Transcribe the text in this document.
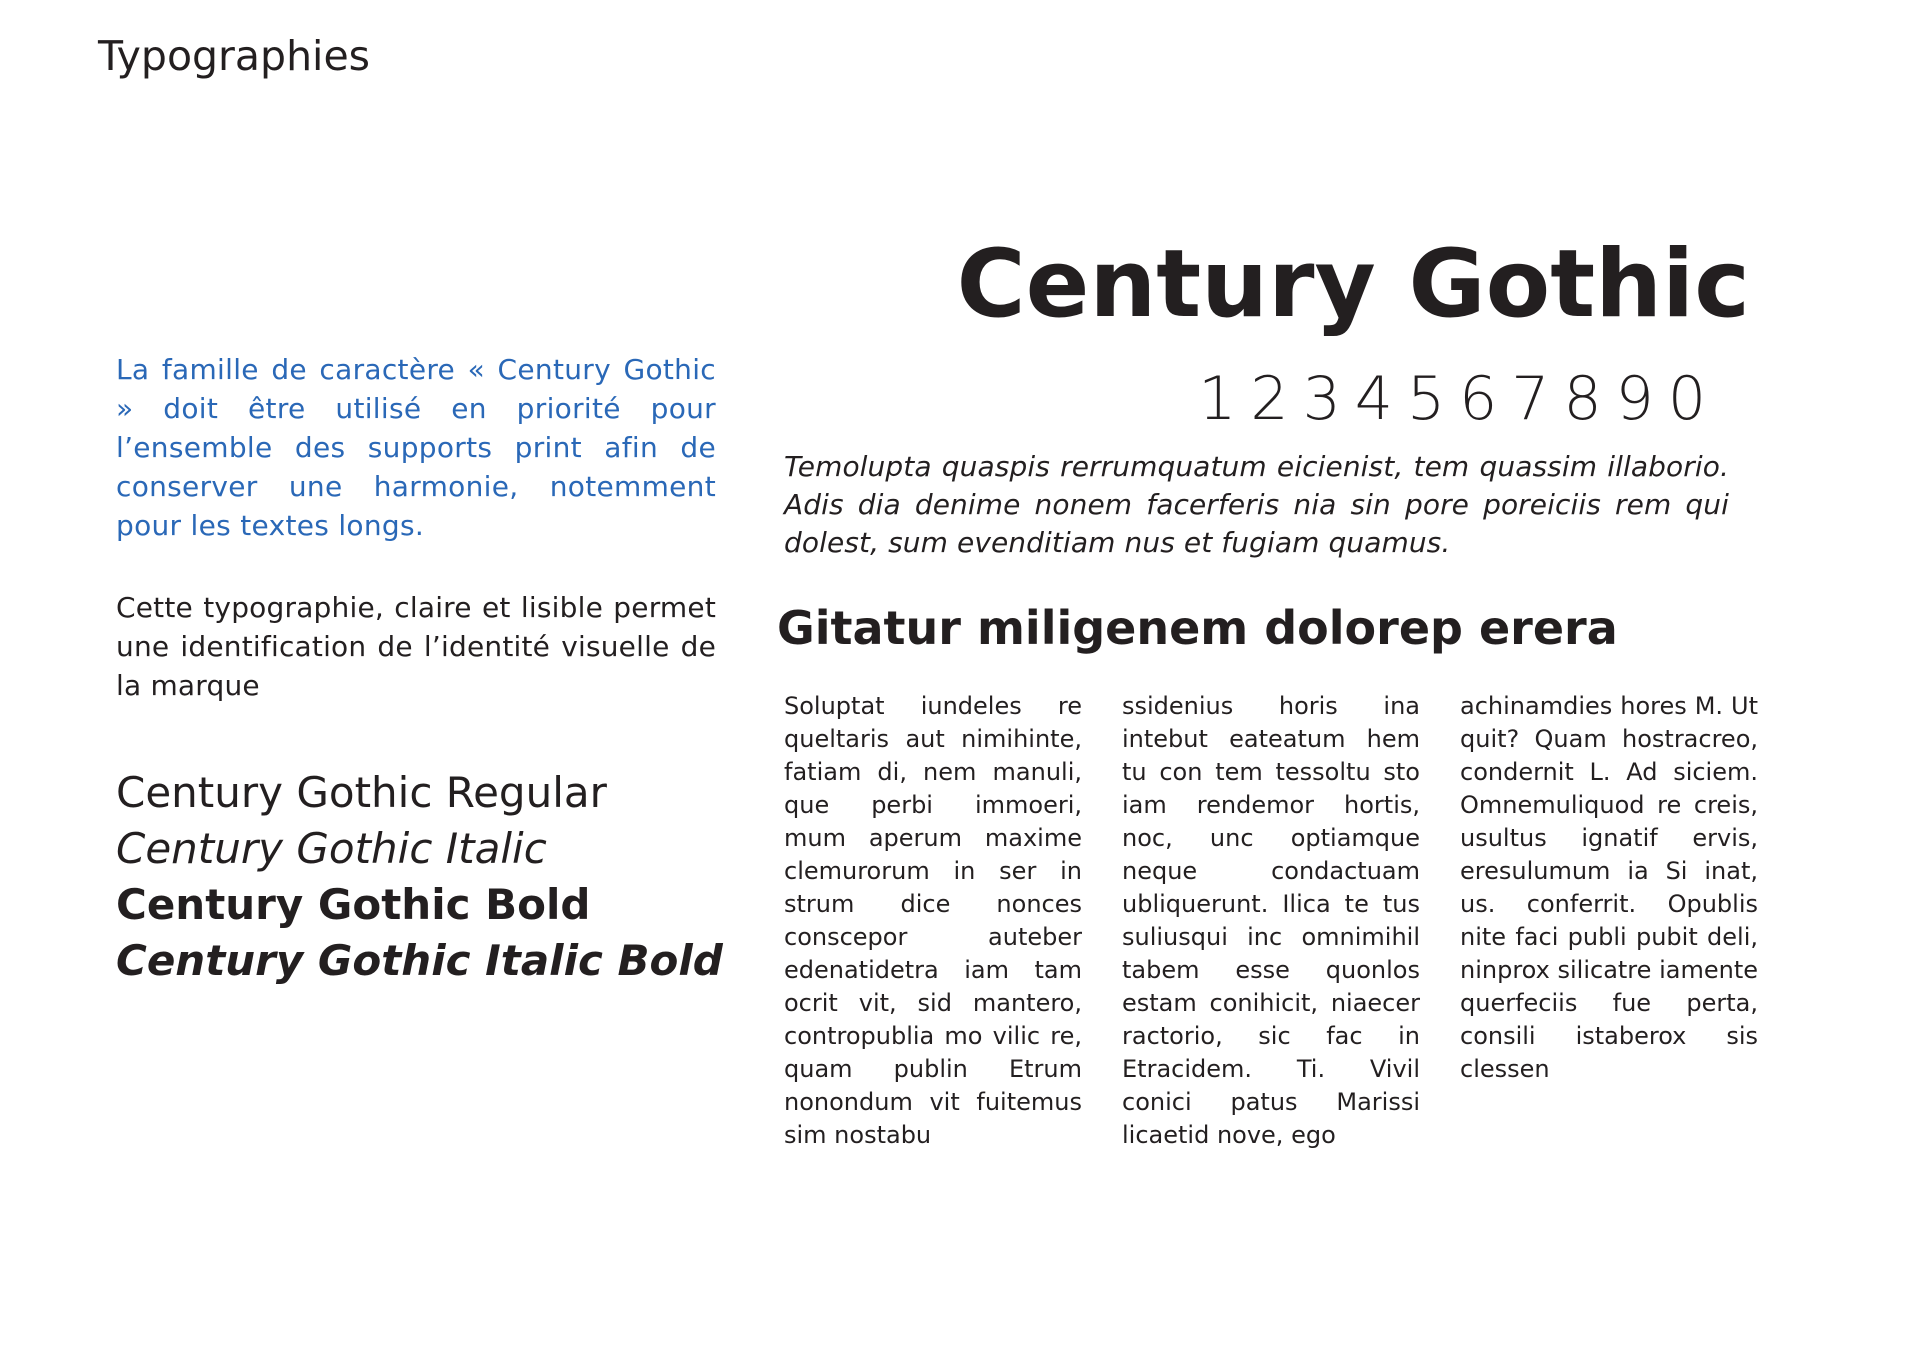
Typographies
La famille de caractère « Century Gothic » doit être utilisé en priorité pour l’ensemble des supports print afin de conserver une harmonie, notemment pour les textes longs.
Cette typographie, claire et lisible permet une identification de l’identité visuelle de la marque
Century Gothic Regular
Century Gothic Italic
Century Gothic Bold
Century Gothic Italic Bold
Century Gothic
1234567890
Temolupta quaspis rerrumquatum eicienist, tem quassim illaborio. Adis dia denime nonem facerferis nia sin pore poreiciis rem qui dolest, sum evenditiam nus et fugiam quamus.
Gitatur miligenem dolorep erera
Soluptat iundeles re queltaris aut nimihinte, fatiam di, nem manuli, que perbi immoeri, mum aperum maxime clemurorum in ser in strum dice nonces conscepor auteber edenatidetra iam tam ocrit vit, sid mantero, contropublia mo vilic re, quam publin Etrum nonondum vit fuitemus sim nostabu
ssidenius horis ina intebut eateatum hem tu con tem tessoltu sto iam rendemor hortis, noc, unc optiamque neque condactuam ubliquerunt. Ilica te tus suliusqui inc omnimihil tabem esse quonlos estam conihicit, niaecer ractorio, sic fac in Etracidem. Ti. Vivil conici patus Marissi licaetid nove, ego
achinamdies hores M. Ut quit? Quam hostracreo, condernit L. Ad siciem. Omnemuliquod re creis, usultus ignatif ervis, eresulumum ia Si inat, us. conferrit. Opublis nite faci publi pubit deli, ninprox silicatre iamente querfeciis fue perta, consili istaberox sis clessen
